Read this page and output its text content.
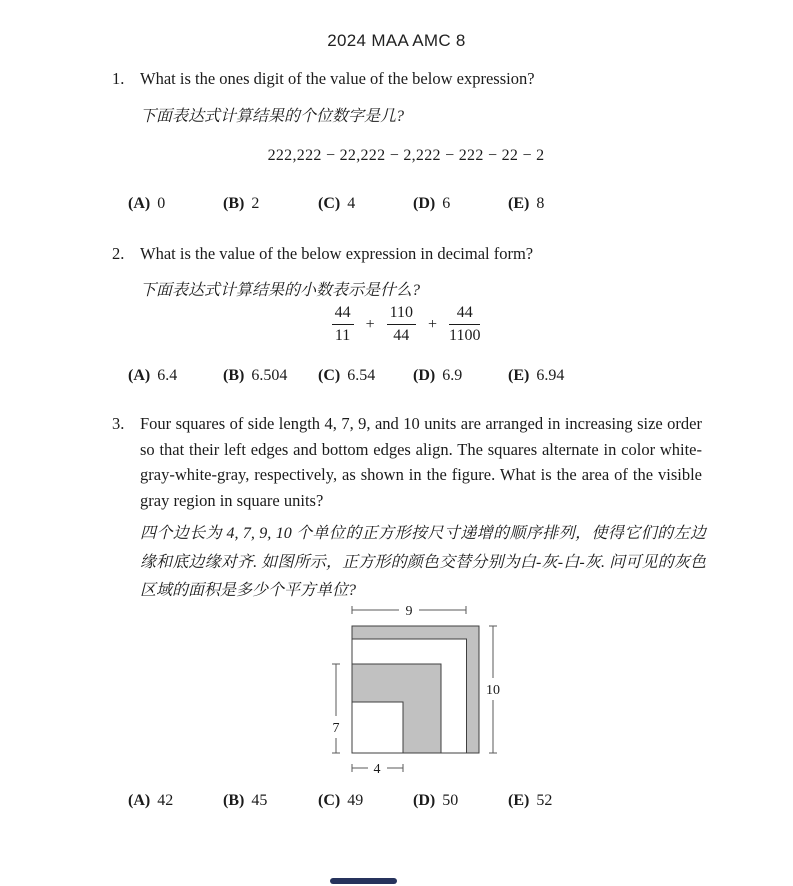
2024 MAA AMC 8
1. What is the ones digit of the value of the below expression?
下面表达式计算结果的个位数字是几?
222,222 − 22,222 − 2,222 − 222 − 22 − 2
(A) 0	(B) 2	(C) 4	(D) 6	(E) 8
2. What is the value of the below expression in decimal form?
下面表达式计算结果的小数表示是什么?
$\frac{44}{11} + \frac{110}{44} + \frac{44}{1100}$
(A) 6.4	(B) 6.504	(C) 6.54	(D) 6.9	(E) 6.94
3. Four squares of side length 4, 7, 9, and 10 units are arranged in increasing size order so that their left edges and bottom edges align. The squares alternate in color white-gray-white-gray, respectively, as shown in the figure. What is the area of the visible gray region in square units?
四个边长为 4, 7, 9, 10 个单位的正方形按尺寸递增的顺序排列，使得它们的左边缘和底边缘对齐. 如图所示，正方形的颜色交替分别为白-灰-白-灰. 问可见的灰色区域的面积是多少个平方单位?
9
10
7
4
(A) 42	(B) 45	(C) 49	(D) 50	(E) 52
